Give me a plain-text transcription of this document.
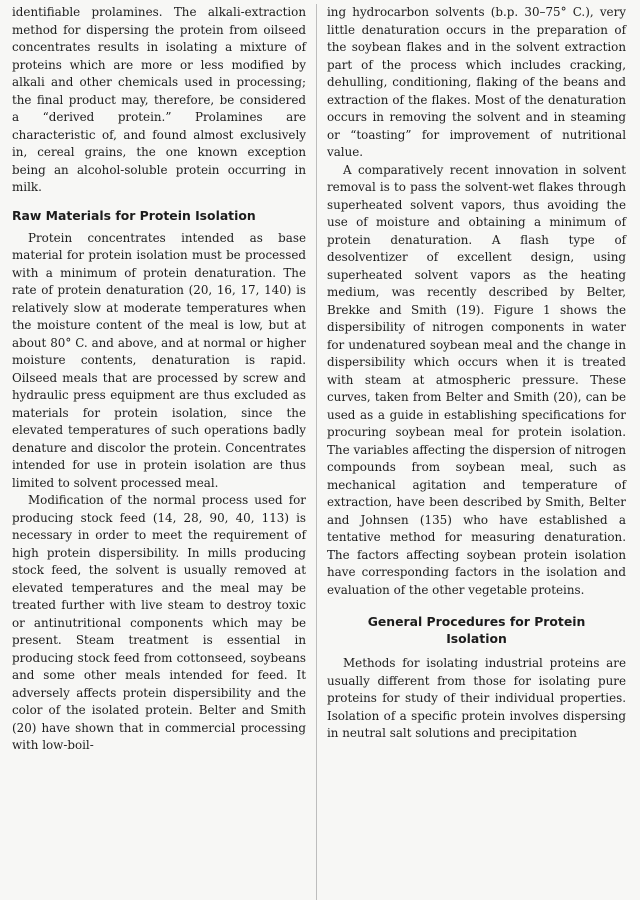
identifiable prolamines. The alkali-extraction method for dispersing the protein from oilseed concentrates results in isolating a mixture of proteins which are more or less modified by alkali and other chemicals used in processing; the final product may, therefore, be considered a “derived protein.” Prolamines are characteristic of, and found almost exclusively in, cereal grains, the one known exception being an alcohol-soluble protein occurring in milk.

Raw Materials for Protein Isolation

Protein concentrates intended as base material for protein isolation must be processed with a minimum of protein denaturation. The rate of protein denaturation (20, 16, 17, 140) is relatively slow at moderate temperatures when the moisture content of the meal is low, but at about 80° C. and above, and at normal or higher moisture contents, denaturation is rapid. Oilseed meals that are processed by screw and hydraulic press equipment are thus excluded as materials for protein isolation, since the elevated temperatures of such operations badly denature and discolor the protein. Concentrates intended for use in protein isolation are thus limited to solvent processed meal.

Modification of the normal process used for producing stock feed (14, 28, 90, 40, 113) is necessary in order to meet the requirement of high protein dispersibility. In mills producing stock feed, the solvent is usually removed at elevated temperatures and the meal may be treated further with live steam to destroy toxic or antinutritional components which may be present. Steam treatment is essential in producing stock feed from cottonseed, soybeans and some other meals intended for feed. It adversely affects protein dispersibility and the color of the isolated protein. Belter and Smith (20) have shown that in commercial processing with low-boil-

ing hydrocarbon solvents (b.p. 30–75° C.), very little denaturation occurs in the preparation of the soybean flakes and in the solvent extraction part of the process which includes cracking, dehulling, conditioning, flaking of the beans and extraction of the flakes. Most of the denaturation occurs in removing the solvent and in steaming or “toasting” for improvement of nutritional value.

A comparatively recent innovation in solvent removal is to pass the solvent-wet flakes through superheated solvent vapors, thus avoiding the use of moisture and obtaining a minimum of protein denaturation. A flash type of desolventizer of excellent design, using superheated solvent vapors as the heating medium, was recently described by Belter, Brekke and Smith (19). Figure 1 shows the dispersibility of nitrogen components in water for undenatured soybean meal and the change in dispersibility which occurs when it is treated with steam at atmospheric pressure. These curves, taken from Belter and Smith (20), can be used as a guide in establishing specifications for procuring soybean meal for protein isolation. The variables affecting the dispersion of nitrogen compounds from soybean meal, such as mechanical agitation and temperature of extraction, have been described by Smith, Belter and Johnsen (135) who have established a tentative method for measuring denaturation. The factors affecting soybean protein isolation have corresponding factors in the isolation and evaluation of the other vegetable proteins.

General Procedures for Protein Isolation

Methods for isolating industrial proteins are usually different from those for isolating pure proteins for study of their individual properties. Isolation of a specific protein involves dispersing in neutral salt solutions and precipitation
